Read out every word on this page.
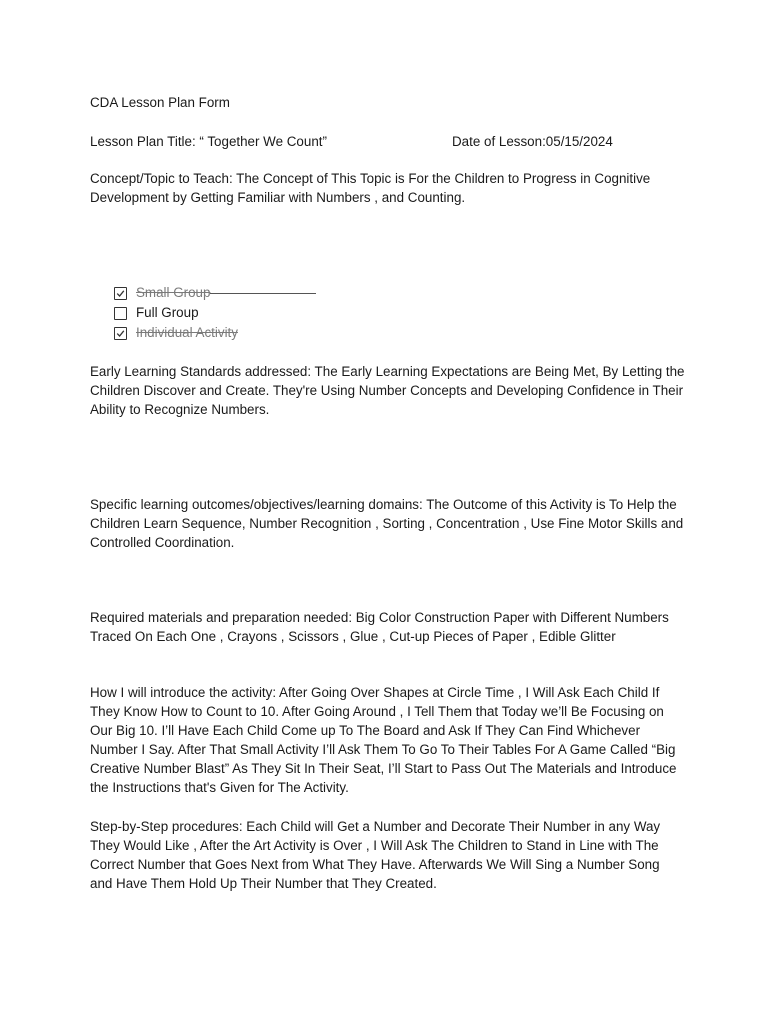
CDA Lesson Plan Form

Lesson Plan Title: “ Together We Count”	Date of Lesson:05/15/2024

Concept/Topic to Teach: The Concept of This Topic is For the Children to Progress in Cognitive Development by Getting Familiar with Numbers , and Counting.

Small Group
Full Group
Individual Activity

Early Learning Standards addressed: The Early Learning Expectations are Being Met, By Letting the Children Discover and Create. They're Using Number Concepts and Developing Confidence in Their Ability to Recognize Numbers.

Specific learning outcomes/objectives/learning domains: The Outcome of this Activity is To Help the Children Learn Sequence, Number Recognition , Sorting , Concentration , Use Fine Motor Skills and Controlled Coordination.

Required materials and preparation needed: Big Color Construction Paper with Different Numbers Traced On Each One , Crayons , Scissors , Glue , Cut-up Pieces of Paper , Edible Glitter

How I will introduce the activity: After Going Over Shapes at Circle Time , I Will Ask Each Child If They Know How to Count to 10. After Going Around , I Tell Them that Today we’ll Be Focusing on Our Big 10. I’ll Have Each Child Come up To The Board and Ask If They Can Find Whichever Number I Say. After That Small Activity I’ll Ask Them To Go To Their Tables For A Game Called “Big Creative Number Blast” As They Sit In Their Seat, I’ll Start to Pass Out The Materials and Introduce the Instructions that's Given for The Activity.

Step-by-Step procedures: Each Child will Get a Number and Decorate Their Number in any Way They Would Like , After the Art Activity is Over , I Will Ask The Children to Stand in Line with The Correct Number that Goes Next from What They Have. Afterwards We Will Sing a Number Song and Have Them Hold Up Their Number that They Created.
